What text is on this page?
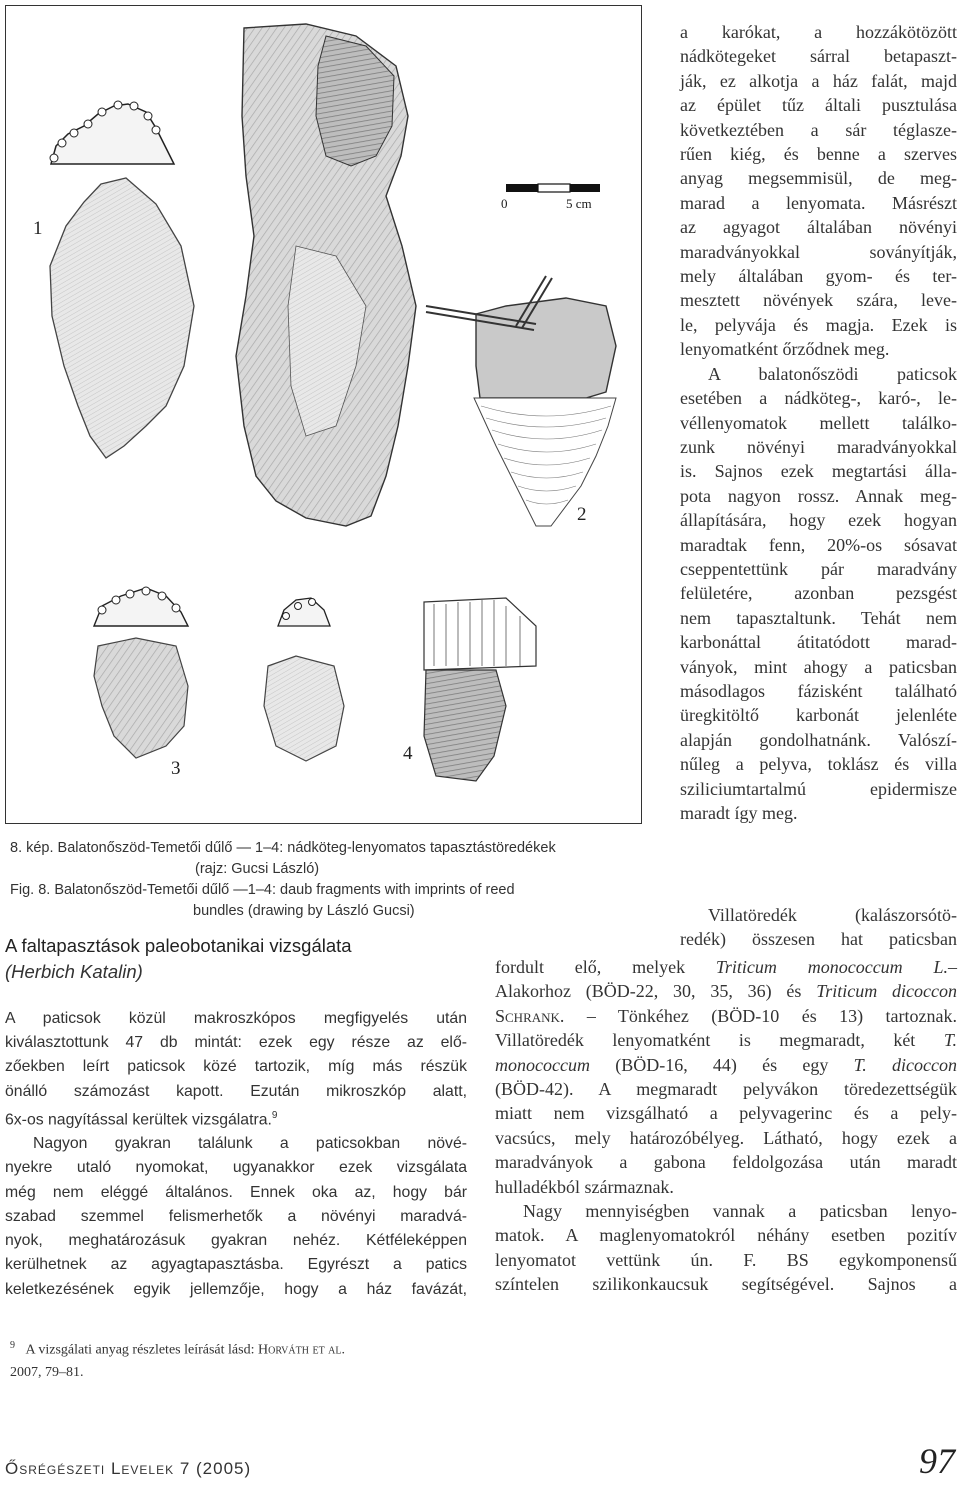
1
2
3
4
0	5 cm

8. kép. Balatonőszöd-Temetői dűlő — 1–4: nádköteg-lenyomatos tapasztástöredékek

(rajz: Gucsi László)

Fig. 8. Balatonőszöd-Temetői dűlő —1–4: daub fragments with imprints of reed

bundles (drawing by László Gucsi)

A faltapasztások paleobotanikai vizsgálata
(Herbich Katalin)

A paticsok közül makroszkópos megfigyelés után
kiválasztottunk 47 db mintát: ezek egy része az elő-
zőekben leírt paticsok közé tartozik, míg más részük
önálló számozást kapott. Ezután mikroszkóp alatt,
6x-os nagyítással kerültek vizsgálatra.$^9$

Nagyon gyakran találunk a paticsokban növé-
nyekre utaló nyomokat, ugyanakkor ezek vizsgálata
még nem eléggé általános. Ennek oka az, hogy bár
szabad szemmel felismerhetők a növényi maradvá-
nyok, meghatározásuk gyakran nehéz. Kétféleképpen
kerülhetnek az agyagtapasztásba. Egyrészt a patics
keletkezésének egyik jellemzője, hogy a ház favázát,

$^9$ A vizsgálati anyag részletes leírását lásd: Horváth et al.
2007, 79–81.
a karókat, a hozzákötözött
nádkötegeket sárral betapaszt-
ják, ez alkotja a ház falát, majd
az épület tűz általi pusztulása
következtében a sár téglasze-
rűen kiég, és benne a szerves
anyag megsemmisül, de meg-
marad a lenyomata. Másrészt
az agyagot általában növényi
maradványokkal soványítják,
mely általában gyom- és ter-
mesztett növények szára, leve-
le, pelyvája és magja. Ezek is
lenyomatként őrződnek meg.
A balatonőszödi paticsok
esetében a nádköteg-, karó-, le-
véllenyomatok mellett találko-
zunk növényi maradványokkal
is. Sajnos ezek megtartási álla-
pota nagyon rossz. Annak meg-
állapítására, hogy ezek hogyan
maradtak fenn, 20%-os sósavat
cseppentettünk pár maradvány
felületére, azonban pezsgést
nem tapasztaltunk. Tehát nem
karbonáttal átitatódott marad-
ványok, mint ahogy a paticsban
másodlagos fázisként található
üregkitöltő karbonát jelenléte
alapján gondolhatnánk. Valószí-
nűleg a pelyva, toklász és villa
sziliciumtartalmú epidermisze
maradt így meg.
Villatöredék (kalászorsótö-
redék) összesen hat paticsban
fordult elő, melyek Triticum monococcum L.–
Alakorhoz (BÖD-22, 30, 35, 36) és Triticum dicoccon
Schrank. – Tönkéhez (BÖD-10 és 13) tartoznak.
Villatöredék lenyomatként is megmaradt, két T.
monococcum (BÖD-16, 44) és egy T. dicoccon
(BÖD-42). A megmaradt pelyvákon töredezettségük
miatt nem vizsgálható a pelyvagerinc és a pely-
vacsúcs, mely határozóbélyeg. Látható, hogy ezek a
maradványok a gabona feldolgozása után maradt
hulladékból származnak.
Nagy mennyiségben vannak a paticsban lenyo-
matok. A maglenyomatokról néhány esetben pozitív
lenyomatot vettünk ún. F. BS egykomponensű
színtelen szilikonkaucsuk segítségével. Sajnos a
Ősrégészeti Levelek 7 (2005)	97
